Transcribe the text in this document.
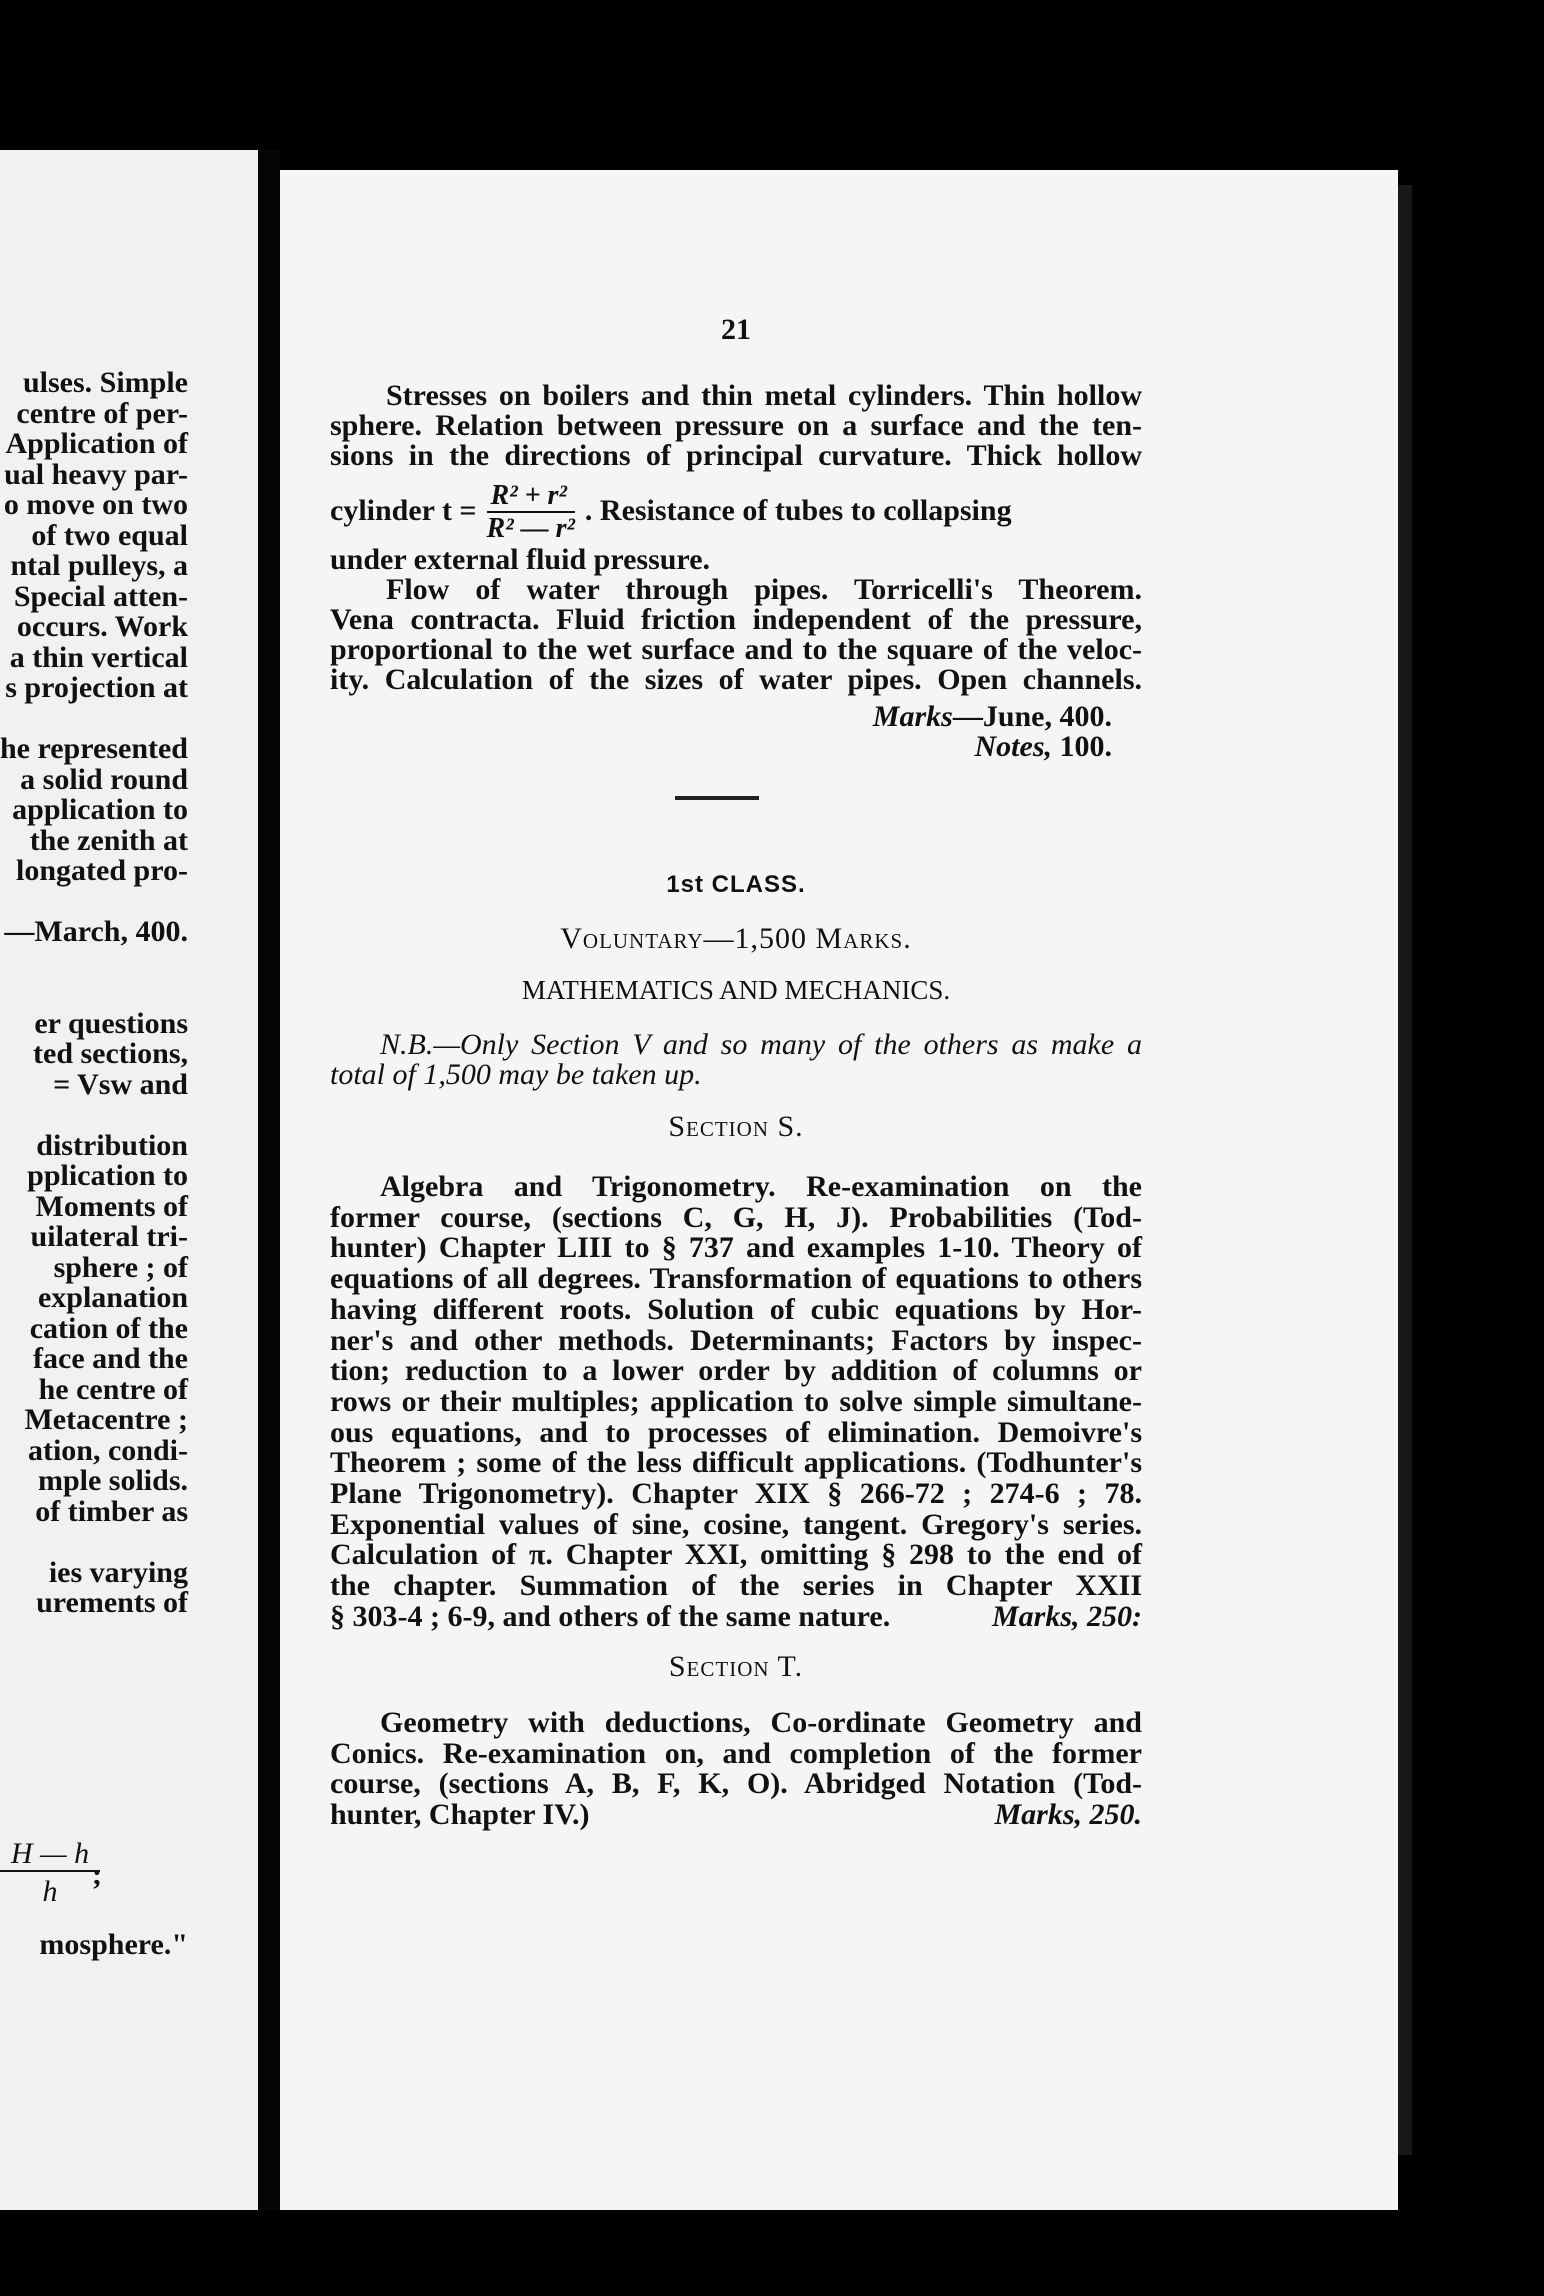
ulses. Simple
centre of per-
Application of
ual heavy par-
o move on two
of two equal
ntal pulleys, a
Special atten-
occurs. Work
a thin vertical
s projection at
he represented
a solid round
application to
the zenith at
longated pro-
—March, 400.
er questions
ted sections,
= Vsw and
distribution
pplication to
Moments of
uilateral tri-
sphere ; of
explanation
cation of the
face and the
he centre of
Metacentre ;
ation, condi-
mple solids.
of timber as
ies varying
urements of
$\frac{H — h}{h}$
;
mosphere."
21
Stresses on boilers and thin metal cylinders. Thin hollow
sphere. Relation between pressure on a surface and the ten-
sions in the directions of principal curvature. Thick hollow
cylinder $t = \frac{\text{R² + r²}}{\text{R² — r²}}$ . Resistance of tubes to collapsing
under external fluid pressure.
Flow of water through pipes. Torricelli's Theorem.
Vena contracta. Fluid friction independent of the pressure,
proportional to the wet surface and to the square of the veloc-
ity. Calculation of the sizes of water pipes. Open channels.
Marks—June, 400.
Notes, 100.
1st CLASS.
Voluntary—1,500 Marks.
MATHEMATICS AND MECHANICS.
N.B.—Only Section V and so many of the others as make a
total of 1,500 may be taken up.
Section S.
Algebra and Trigonometry. Re-examination on the
former course, (sections C, G, H, J). Probabilities (Tod-
hunter) Chapter LIII to § 737 and examples 1-10. Theory of
equations of all degrees. Transformation of equations to others
having different roots. Solution of cubic equations by Hor-
ner's and other methods. Determinants; Factors by inspec-
tion; reduction to a lower order by addition of columns or
rows or their multiples; application to solve simple simultane-
ous equations, and to processes of elimination. Demoivre's
Theorem ; some of the less difficult applications. (Todhunter's
Plane Trigonometry). Chapter XIX § 266-72 ; 274-6 ; 78.
Exponential values of sine, cosine, tangent. Gregory's series.
Calculation of π. Chapter XXI, omitting § 298 to the end of
the chapter. Summation of the series in Chapter XXII
§ 303-4 ; 6-9, and others of the same nature.	Marks, 250:
Section T.
Geometry with deductions, Co-ordinate Geometry and
Conics. Re-examination on, and completion of the former
course, (sections A, B, F, K, O). Abridged Notation (Tod-
hunter, Chapter IV.)	Marks, 250.
